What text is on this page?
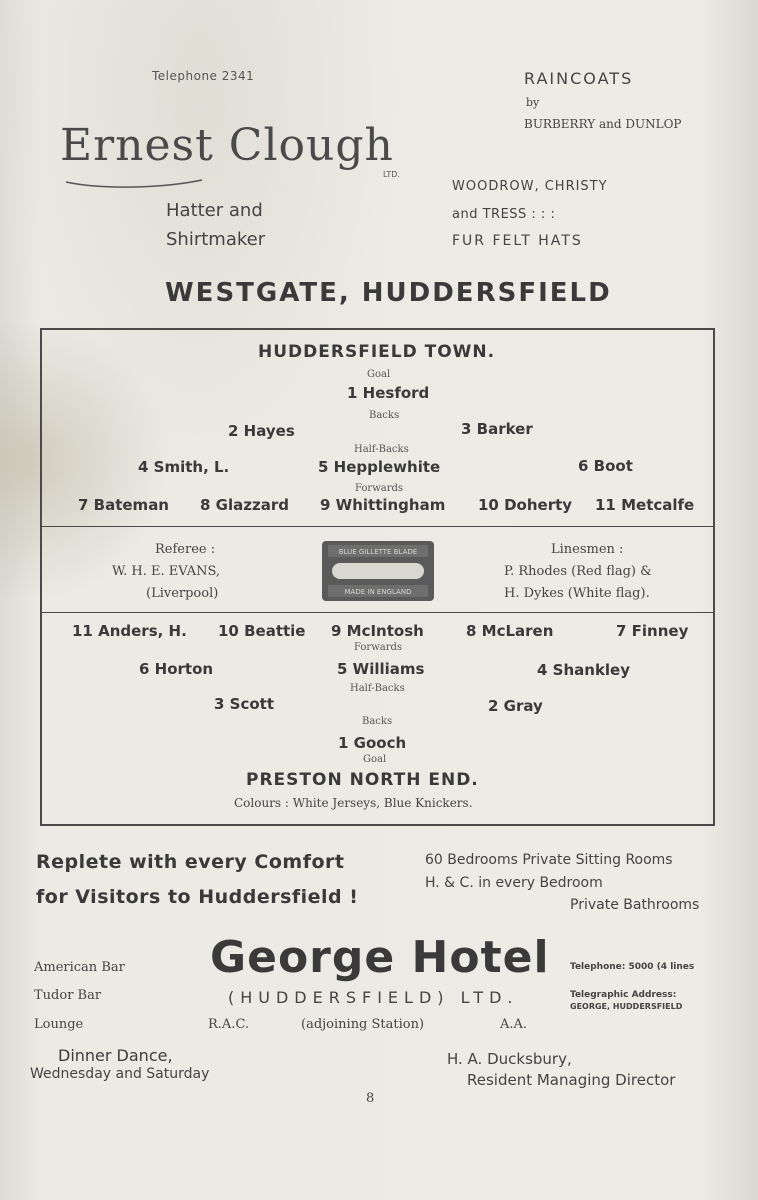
Telephone 2341
Ernest Clough
LTD.
Hatter and
Shirtmaker
RAINCOATS
by
BURBERRY and DUNLOP
WOODROW, CHRISTY
and TRESS : : :
FUR FELT HATS
WESTGATE, HUDDERSFIELD
HUDDERSFIELD TOWN.
Goal
1 Hesford
Backs
2 Hayes	3 Barker
Half-Backs
4 Smith, L.	5 Hepplewhite	6 Boot
Forwards
7 Bateman 8 Glazzard 9 Whittingham 10 Doherty 11 Metcalfe
Referee :
W. H. E. EVANS,
(Liverpool)
BLUE GILLETTE BLADE
MADE IN ENGLAND
Linesmen :
P. Rhodes (Red flag) &
H. Dykes (White flag).
11 Anders, H. 10 Beattie 9 McIntosh	8 McLaren	7 Finney
Forwards
6 Horton	5 Williams	4 Shankley
Half-Backs
3 Scott	2 Gray
Backs
1 Gooch
Goal
PRESTON NORTH END.
Colours : White Jerseys, Blue Knickers.
Replete with every Comfort
for Visitors to Huddersfield !
60 Bedrooms Private Sitting Rooms
H. & C. in every Bedroom
Private Bathrooms
American Bar
Tudor Bar
Lounge
George Hotel
(HUDDERSFIELD) LTD.
Telephone: 5000 (4 lines
Telegraphic Address:
GEORGE, HUDDERSFIELD
R.A.C.	(adjoining Station)	A.A.
Dinner Dance,
Wednesday and Saturday
H. A. Ducksbury,
Resident Managing Director
8
